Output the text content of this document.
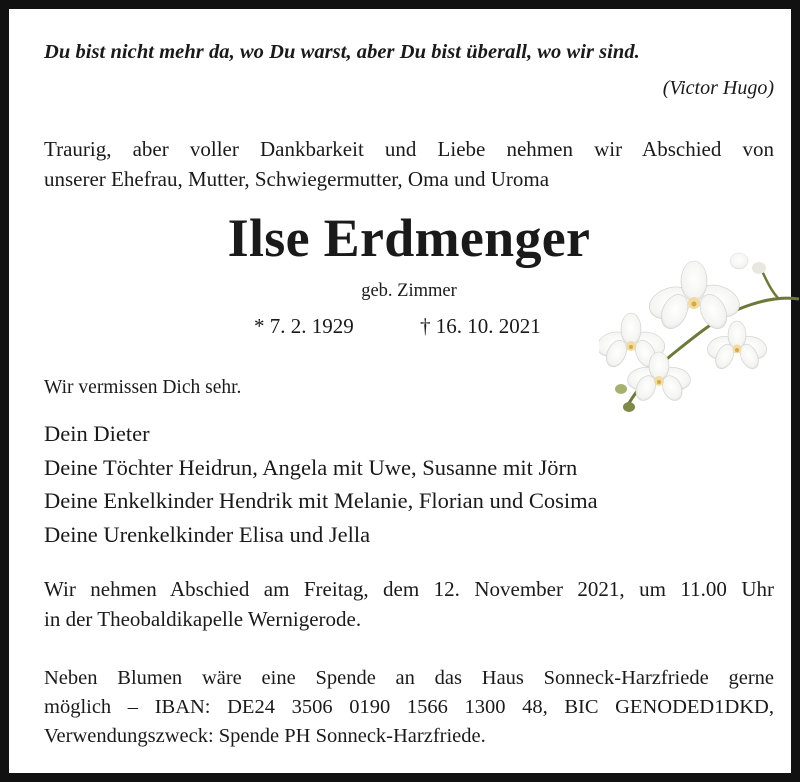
Du bist nicht mehr da, wo Du warst, aber Du bist überall, wo wir sind.
(Victor Hugo)
Traurig, aber voller Dankbarkeit und Liebe nehmen wir Abschied von
unserer Ehefrau, Mutter, Schwiegermutter, Oma und Uroma
Ilse Erdmenger
geb. Zimmer
* 7. 2. 1929	† 16. 10. 2021
Wir vermissen Dich sehr.
Dein Dieter
Deine Töchter Heidrun, Angela mit Uwe, Susanne mit Jörn
Deine Enkelkinder Hendrik mit Melanie, Florian und Cosima
Deine Urenkelkinder Elisa und Jella
Wir nehmen Abschied am Freitag, dem 12. November 2021, um 11.00 Uhr
in der Theobaldikapelle Wernigerode.
Neben Blumen wäre eine Spende an das Haus Sonneck-Harzfriede gerne
möglich – IBAN: DE24 3506 0190 1566 1300 48, BIC GENODED1DKD,
Verwendungszweck: Spende PH Sonneck-Harzfriede.
